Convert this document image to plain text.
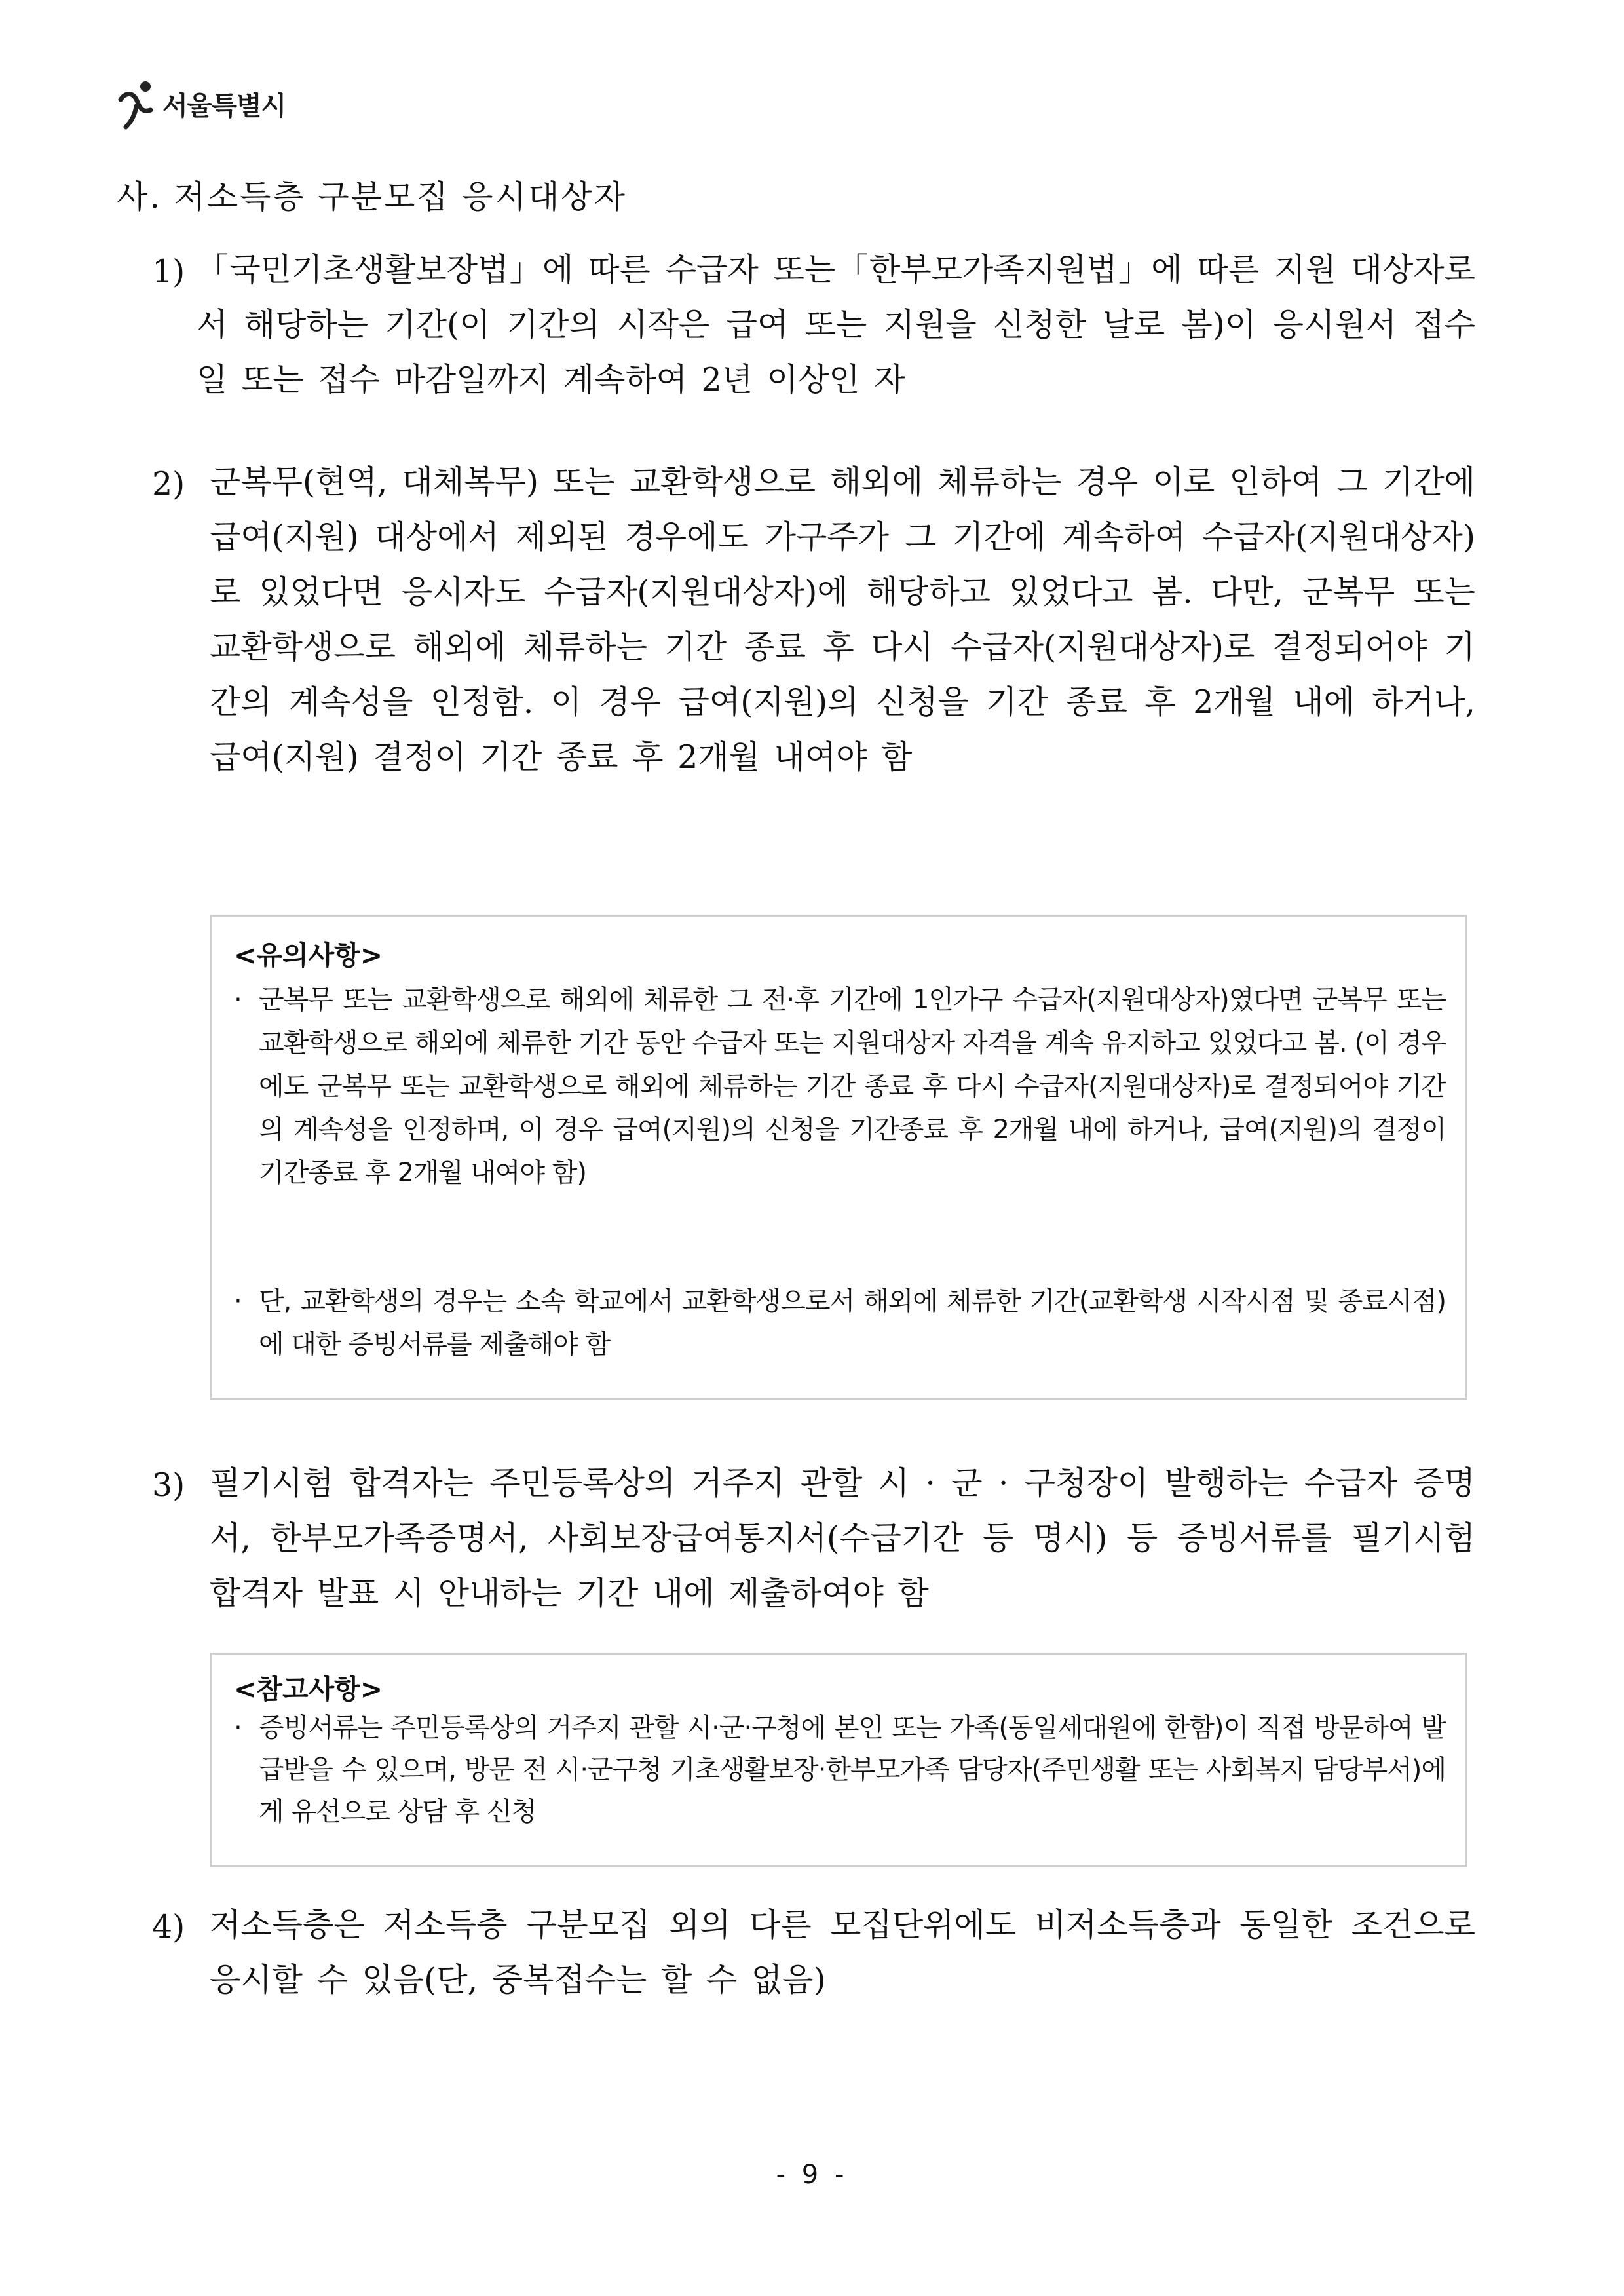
서울특별시
사. 저소득층 구분모집 응시대상자
1) 「국민기초생활보장법」에 따른 수급자 또는「한부모가족지원법」에 따른 지원 대상자로서 해당하는 기간(이 기간의 시작은 급여 또는 지원을 신청한 날로 봄)이 응시원서 접수일 또는 접수 마감일까지 계속하여 2년 이상인 자
2) 군복무(현역, 대체복무) 또는 교환학생으로 해외에 체류하는 경우 이로 인하여 그 기간에 급여(지원) 대상에서 제외된 경우에도 가구주가 그 기간에 계속하여 수급자(지원대상자)로 있었다면 응시자도 수급자(지원대상자)에 해당하고 있었다고 봄. 다만, 군복무 또는 교환학생으로 해외에 체류하는 기간 종료 후 다시 수급자(지원대상자)로 결정되어야 기간의 계속성을 인정함. 이 경우 급여(지원)의 신청을 기간 종료 후 2개월 내에 하거나, 급여(지원) 결정이 기간 종료 후 2개월 내여야 함
<유의사항>
· 군복무 또는 교환학생으로 해외에 체류한 그 전·후 기간에 1인가구 수급자(지원대상자)였다면 군복무 또는 교환학생으로 해외에 체류한 기간 동안 수급자 또는 지원대상자 자격을 계속 유지하고 있었다고 봄. (이 경우에도 군복무 또는 교환학생으로 해외에 체류하는 기간 종료 후 다시 수급자(지원대상자)로 결정되어야 기간의 계속성을 인정하며, 이 경우 급여(지원)의 신청을 기간종료 후 2개월 내에 하거나, 급여(지원)의 결정이 기간종료 후 2개월 내여야 함)
· 단, 교환학생의 경우는 소속 학교에서 교환학생으로서 해외에 체류한 기간(교환학생 시작시점 및 종료시점)에 대한 증빙서류를 제출해야 함
3) 필기시험 합격자는 주민등록상의 거주지 관할 시 · 군 · 구청장이 발행하는 수급자 증명서, 한부모가족증명서, 사회보장급여통지서(수급기간 등 명시) 등 증빙서류를 필기시험 합격자 발표 시 안내하는 기간 내에 제출하여야 함
<참고사항>
· 증빙서류는 주민등록상의 거주지 관할 시·군·구청에 본인 또는 가족(동일세대원에 한함)이 직접 방문하여 발급받을 수 있으며, 방문 전 시·군구청 기초생활보장·한부모가족 담당자(주민생활 또는 사회복지 담당부서)에게 유선으로 상담 후 신청
4) 저소득층은 저소득층 구분모집 외의 다른 모집단위에도 비저소득층과 동일한 조건으로 응시할 수 있음(단, 중복접수는 할 수 없음)
- 9 -
